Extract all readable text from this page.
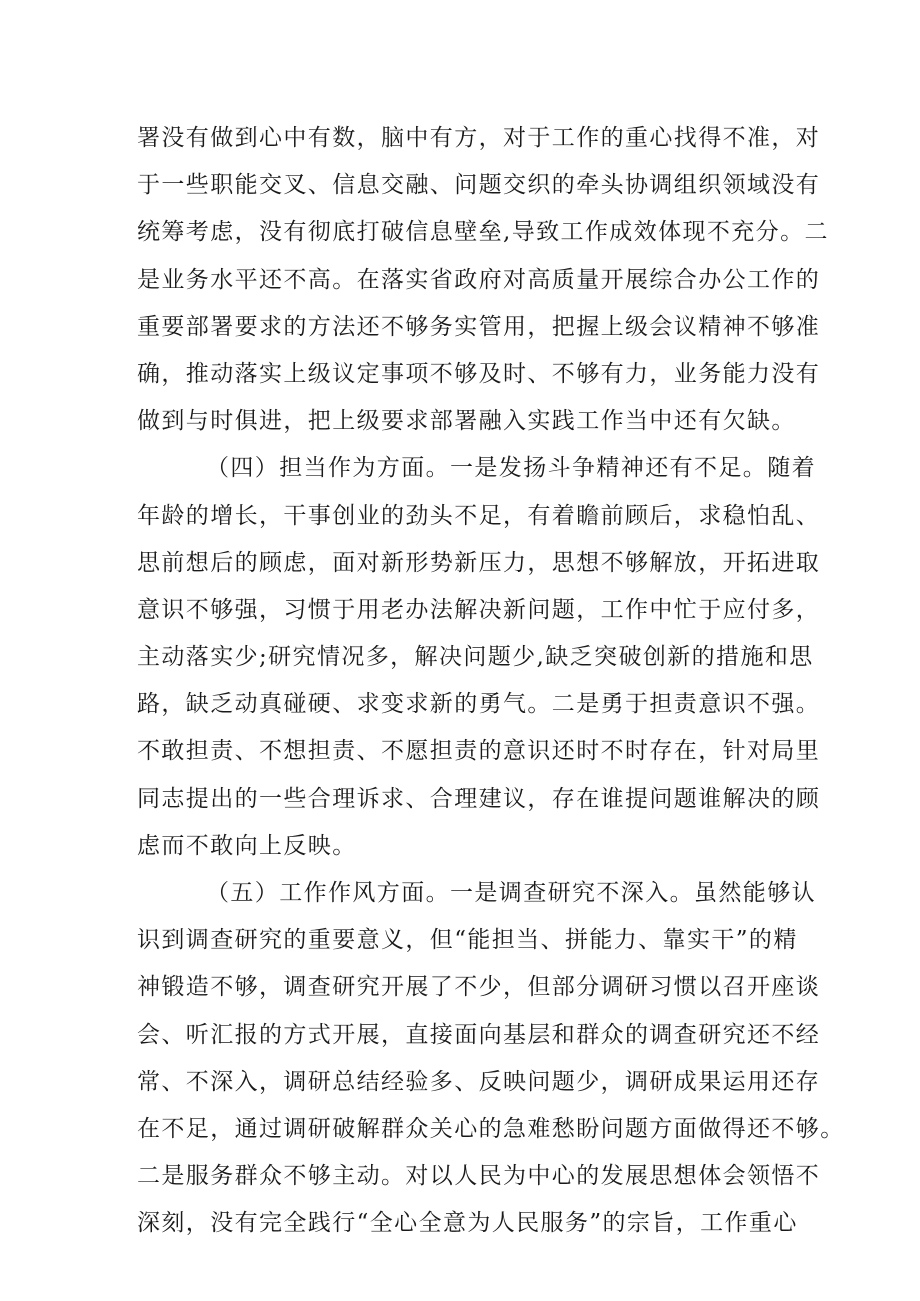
署没有做到心中有数，脑中有方，对于工作的重心找得不准，对
于一些职能交叉、信息交融、问题交织的牵头协调组织领域没有
统筹考虑，没有彻底打破信息壁垒,导致工作成效体现不充分。二
是业务水平还不高。在落实省政府对高质量开展综合办公工作的
重要部署要求的方法还不够务实管用，把握上级会议精神不够准
确，推动落实上级议定事项不够及时、不够有力，业务能力没有
做到与时俱进，把上级要求部署融入实践工作当中还有欠缺。
（四）担当作为方面。一是发扬斗争精神还有不足。随着
年龄的增长，干事创业的劲头不足，有着瞻前顾后，求稳怕乱、
思前想后的顾虑，面对新形势新压力，思想不够解放，开拓进取
意识不够强，习惯于用老办法解决新问题，工作中忙于应付多，
主动落实少;研究情况多，解决问题少,缺乏突破创新的措施和思
路，缺乏动真碰硬、求变求新的勇气。二是勇于担责意识不强。
不敢担责、不想担责、不愿担责的意识还时不时存在，针对局里
同志提出的一些合理诉求、合理建议，存在谁提问题谁解决的顾
虑而不敢向上反映。
（五）工作作风方面。一是调查研究不深入。虽然能够认
识到调查研究的重要意义，但“能担当、拼能力、靠实干”的精
神锻造不够，调查研究开展了不少，但部分调研习惯以召开座谈
会、听汇报的方式开展，直接面向基层和群众的调查研究还不经
常、不深入，调研总结经验多、反映问题少，调研成果运用还存
在不足，通过调研破解群众关心的急难愁盼问题方面做得还不够。
二是服务群众不够主动。对以人民为中心的发展思想体会领悟不
深刻，没有完全践行“全心全意为人民服务”的宗旨，工作重心
